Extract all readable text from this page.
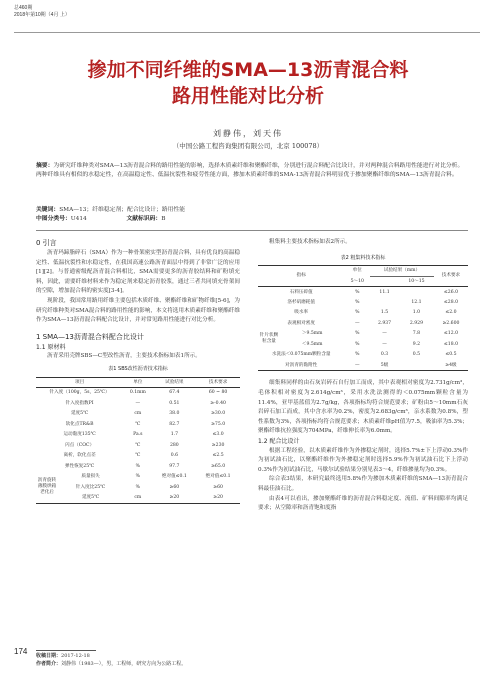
总460期
2018年第10期（4月 上）
掺加不同纤维的SMA—13沥青混合料
路用性能对比分析
刘静伟，刘天伟
（中国公路工程咨询集团有限公司，北京 100078）
摘要：为研究纤维种类对SMA—13沥青混合料的路用性能的影响，选择木质素纤维和聚酯纤维，分别进行混合料配合比设计，并对两种混合料路用性能进行对比分析。两种纤维具有相似的水稳定性，在高温稳定性、低温抗裂性和疲劳性能方面，掺加木质素纤维的SMA-13沥青混合料明显优于掺加聚酯纤维的SMA—13沥青混合料。
关键词：SMA—13；纤维稳定剂；配合比设计；路用性能
中图分类号：U414	文献标识码：B

0 引言

沥青玛蹄脂碎石（SMA）作为一种骨架密实型沥青混合料，具有优良的高温稳定性、低温抗裂性和水稳定性，在我国高速公路沥青面层中得到了非常广泛的应用[1][2]。与普通密级配沥青混合料相比，SMA需要更多的沥青胶结料和矿粉填充料，因此，需要纤维材料来作为稳定剂来稳定沥青胶浆，通过三者共同填充骨架间的空隙，增加混合料的密实度[3-4]。

现阶段，我国常用路用纤维主要包括木质纤维、聚酯纤维和矿物纤维[5-6]，为研究纤维种类对SMA混合料的路用性能的影响，本文将选用木质素纤维和聚酯纤维作为SMA—13沥青混合料配合比设计，并对常见路用性能进行对比分析。

1 SMA—13沥青混合料配合比设计

1.1 原材料

沥青采用壳牌SBS—C型改性沥青，主要技术指标如表1所示。

表1 SBS改性沥青技术指标
项目		单位	试验结果	技术要求
针入度（100g，5s，25℃）		0.1mm	67.4	60 ~ 80
针入度指数PI		—	0.51	≥-0.40
延度5℃		cm	38.0	≥30.0
软化点TR&B		℃	82.7	≥75.0
运动黏度135℃		Pa.s	1.7	≤3.0
闪点（COC）		℃	280	≥230
离析，软化点差		℃	0.6	≤2.5
弹性恢复25℃		%	97.7	≥65.0
沥青旋转薄膜烘箱老化后	质量损失	%	绝对值≤0.1	绝对值≤0.1
	针入度比25℃	%	≥60	≥60
	延度5℃	cm	≥20	≥20

粗集料主要技术指标如表2所示。

表2 粗集料技术指标
指标		单位	试验结果（mm）		技术要求
		5～10		10～15	
石料压碎值		%	11.1		≤26.0
洛杉矶磨耗值		%		12.1	≤28.0
吸水率		%	1.5	1.0	≤2.0
表观相对密度		—	2.937	2.929	≥2.600
针片状颗粒含量	＞9.5mm	%	—	7.8	≤12.0
	＜9.5mm	%	—	9.2	≤18.0
水洗法＜0.075mm颗粒含量		%	0.3	0.5	≤0.5
对沥青的黏附性		—	5级		≥4级

细集料同样的由石灰岩碎石自行加工而成，其中表观相对密度为2.731g/cm³，毛体积相对密度为2.614g/cm³，采用水洗法测得的＜0.075mm颗粒含量为11.4%，亚甲基蓝值为2.7g/kg，各项指标均符合规范要求；矿粉由5～10mm石灰岩碎石加工而成，其中含水率为0.2%，密度为2.683g/cm³，亲水系数为0.8%，塑性系数为3%，各项指标均符合规范要求；木质素纤维pH值为7.5，吸油率为5.3%；聚酯纤维抗拉强度为704MPa，纤维伸长率为6.0mm。

1.2 配合比设计

根据工程经验，以木质素纤维作为外掺稳定剂时，选择5.7%±下上浮动0.3%作为初试油石比，以聚酯纤维作为外掺稳定剂时选择5.9%作为初试油石比下上浮动0.3%作为初试油石比，马歇尔试验结果分别见表3～4，纤维掺量均为0.3%。

综合表3结果，本研究最终选用5.8%作为掺加木质素纤维的SMA—13沥青混合料最佳油石比。

由表4可以看出，掺加聚酯纤维的沥青混合料稳定度、流值、矿料间隙率均满足要求；从空隙率和沥青饱和度指

收稿日期：2017-12-18
作者简介：刘静伟（1983—），男，工程师，研究方向为公路工程。
174
